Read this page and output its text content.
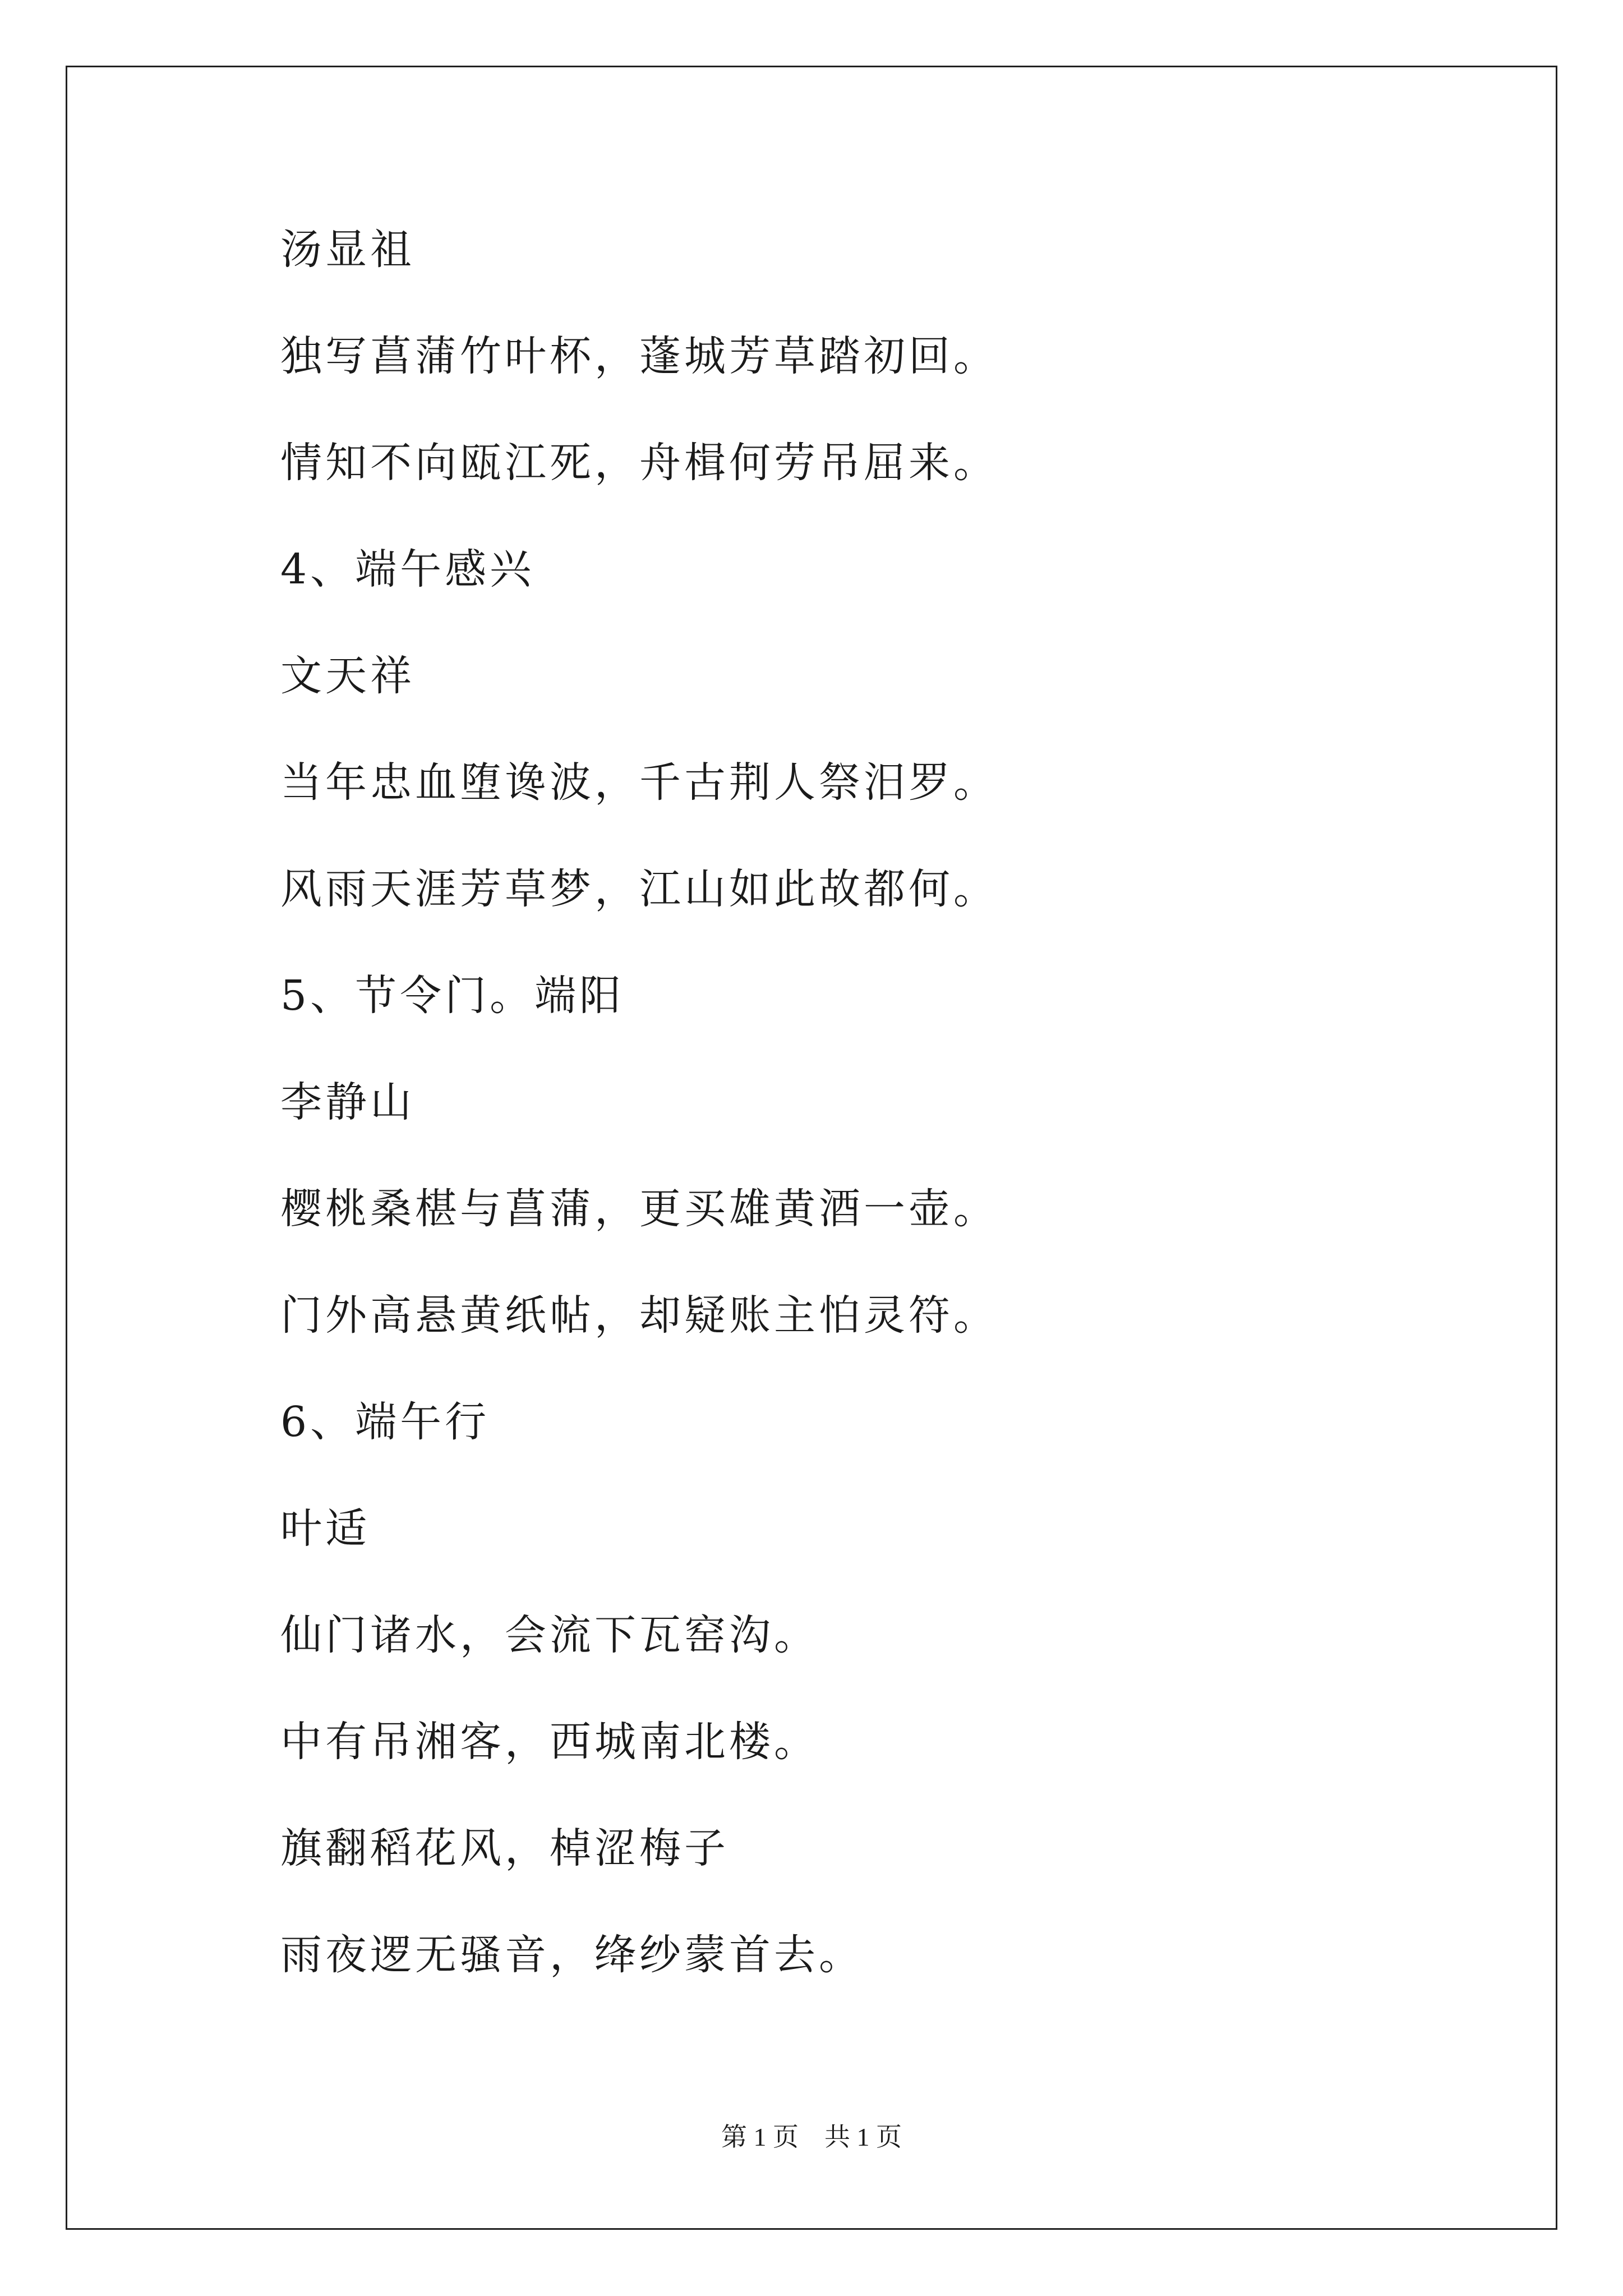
汤显祖
独写菖蒲竹叶杯，蓬城芳草踏初回。
情知不向瓯江死，舟楫何劳吊屈来。
4、端午感兴
文天祥
当年忠血堕谗波，千古荆人祭汨罗。
风雨天涯芳草梦，江山如此故都何。
5、节令门。端阳
李静山
樱桃桑椹与菖蒲，更买雄黄酒一壶。
门外高悬黄纸帖，却疑账主怕灵符。
6、端午行
叶适
仙门诸水，会流下瓦窑沟。
中有吊湘客，西城南北楼。
旗翻稻花风，棹涩梅子
雨夜逻无骚音，绛纱蒙首去。
第 1 页　共 1 页
